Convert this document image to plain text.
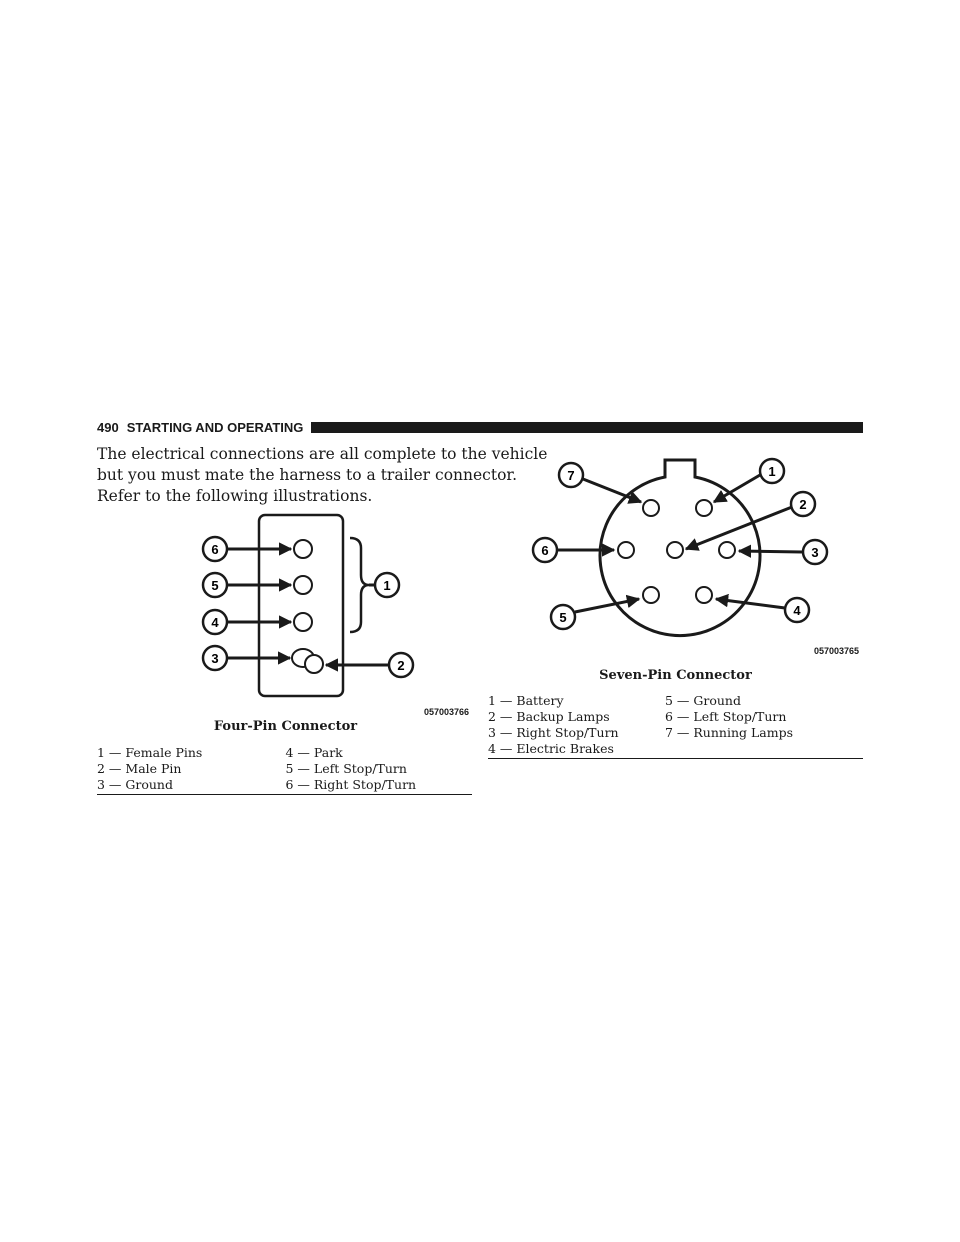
490 STARTING AND OPERATING
The electrical connections are all complete to the vehicle
but you must mate the harness to a trailer connector.
Refer to the following illustrations.
6
5
4
3
1
2
057003766
Four-Pin Connector
1 — Female Pins	4 — Park
2 — Male Pin	5 — Left Stop/Turn
3 — Ground	6 — Right Stop/Turn
7	1
2
6	3
5	4
057003765
Seven-Pin Connector
1 — Battery	5 — Ground
2 — Backup Lamps	6 — Left Stop/Turn
3 — Right Stop/Turn	7 — Running Lamps
4 — Electric Brakes
